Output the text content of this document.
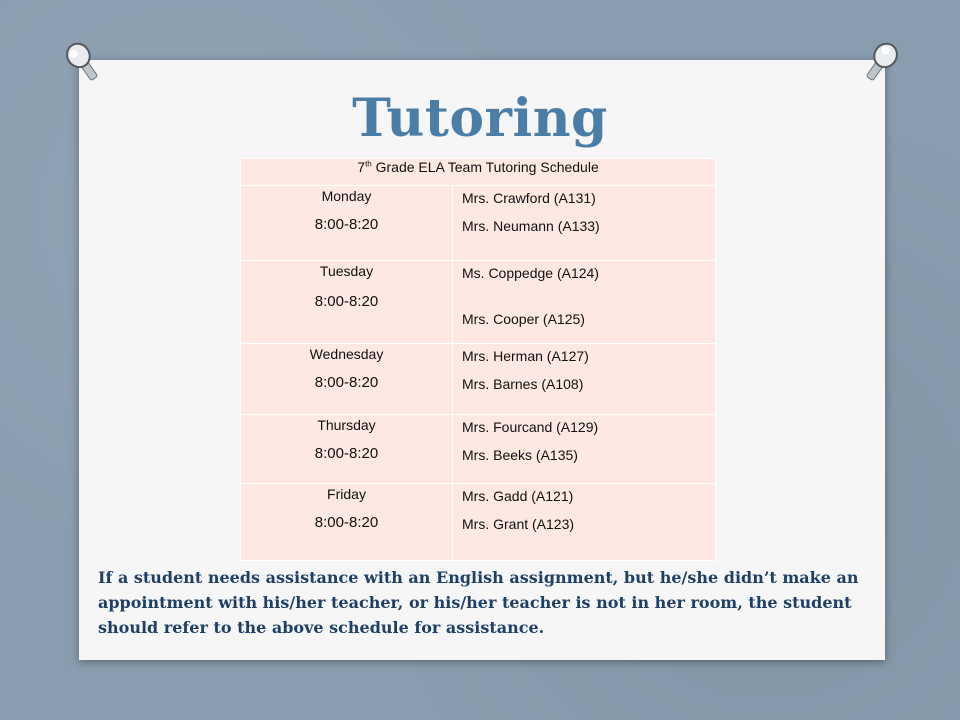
Tutoring
7th Grade ELA Team Tutoring Schedule	

Monday
8:00-8:20	Mrs. Crawford (A131)
Mrs. Neumann (A133)

Tuesday
8:00-8:20	Ms. Coppedge (A124)
Mrs. Cooper (A125)

Wednesday
8:00-8:20	Mrs. Herman (A127)
Mrs. Barnes (A108)

Thursday
8:00-8:20	Mrs. Fourcand (A129)
Mrs. Beeks (A135)

Friday
8:00-8:20	Mrs. Gadd (A121)
Mrs. Grant (A123)

If a student needs assistance with an English assignment, but he/she didn’t make an appointment with his/her teacher, or his/her teacher is not in her room, the student should refer to the above schedule for assistance.
